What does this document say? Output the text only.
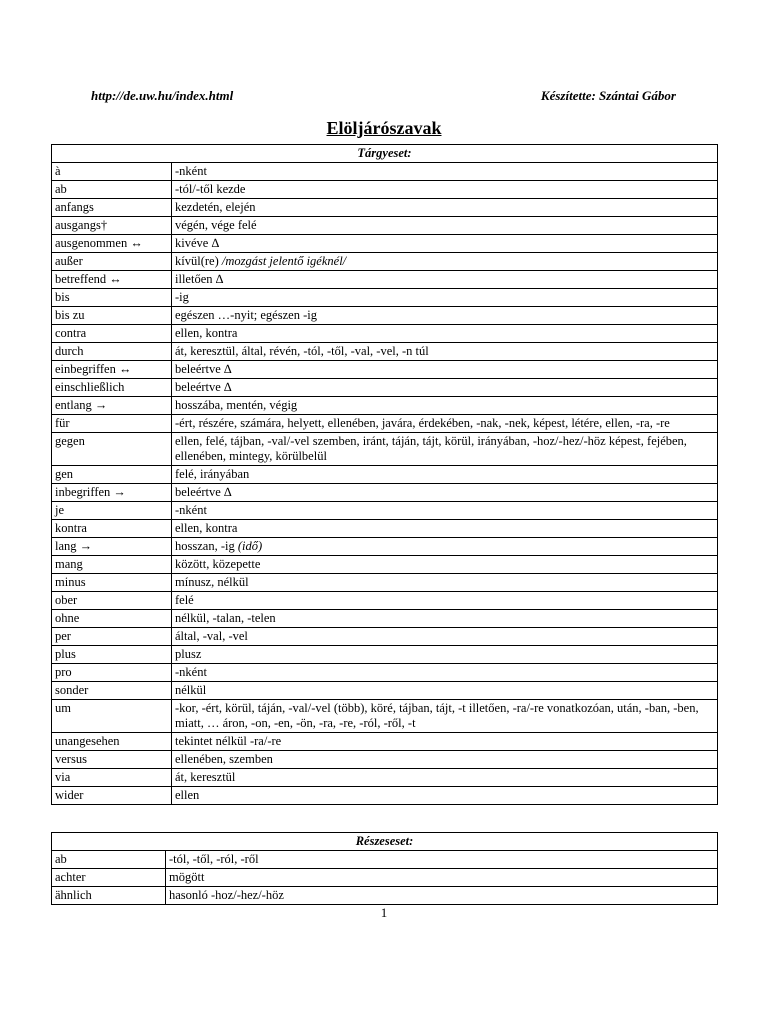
http://de.uw.hu/index.html	Készítette: Szántai Gábor
Elöljárószavak
Tárgyeset:	
à	-nként
ab	-tól/-től kezde
anfangs	kezdetén, elején
ausgangs†	végén, vége felé
ausgenommen ↔	kivéve ∆
außer	kívül(re) /mozgást jelentő igéknél/
betreffend ↔	illetően ∆
bis	-ig
bis zu	egészen …-nyit; egészen -ig
contra	ellen, kontra
durch	át, keresztül, által, révén, -tól, -től, -val, -vel, -n túl
einbegriffen ↔	beleértve ∆
einschließlich	beleértve ∆
entlang →	hosszába, mentén, végig
für	-ért, részére, számára, helyett, ellenében, javára, érdekében, -nak, -nek, képest, létére, ellen, -ra, -re
gegen	ellen, felé, tájban, -val/-vel szemben, iránt, táján, tájt, körül, irányában, -hoz/-hez/-höz képest, fejében, ellenében, mintegy, körülbelül
gen	felé, irányában
inbegriffen →	beleértve ∆
je	-nként
kontra	ellen, kontra
lang →	hosszan, -ig (idő)
mang	között, közepette
minus	mínusz, nélkül
ober	felé
ohne	nélkül, -talan, -telen
per	által, -val, -vel
plus	plusz
pro	-nként
sonder	nélkül
um	-kor, -ért, körül, táján, -val/-vel (több), köré, tájban, tájt, -t illetően, -ra/-re vonatkozóan, után, -ban, -ben, miatt, … áron, -on, -en, -ön, -ra, -re, -ról, -ről, -t
unangesehen	tekintet nélkül -ra/-re
versus	ellenében, szemben
via	át, keresztül
wider	ellen
Részeseset:	
ab	-tól, -től, -ról, -ről
achter	mögött
ähnlich	hasonló -hoz/-hez/-höz
1
